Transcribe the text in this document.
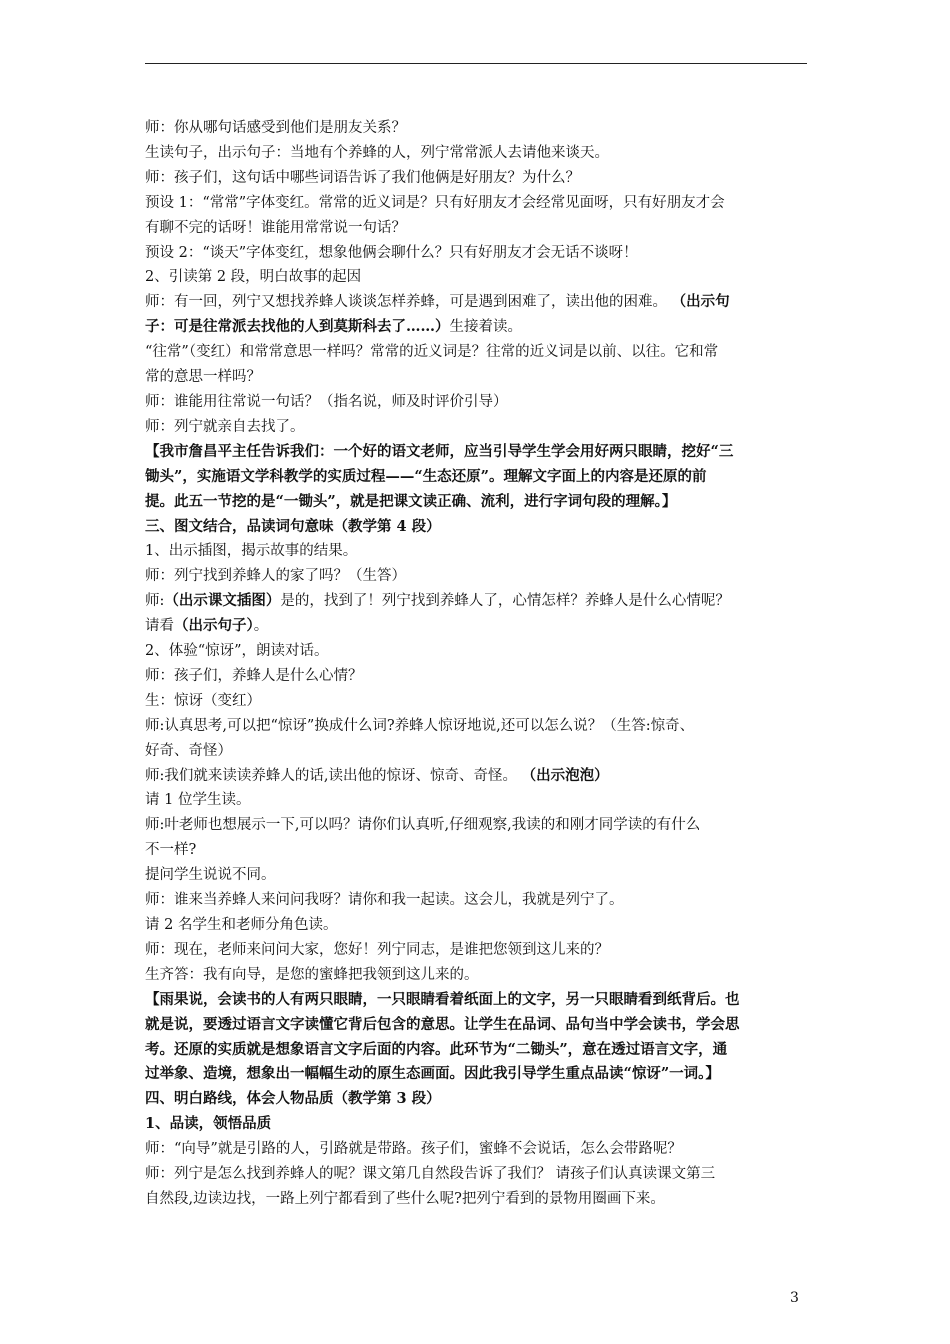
师：你从哪句话感受到他们是朋友关系？

生读句子，出示句子：当地有个养蜂的人，列宁常常派人去请他来谈天。

师：孩子们，这句话中哪些词语告诉了我们他俩是好朋友？为什么？

预设 1：“常常”字体变红。常常的近义词是？只有好朋友才会经常见面呀，只有好朋友才会

有聊不完的话呀！谁能用常常说一句话？

预设 2：“谈天”字体变红，想象他俩会聊什么？只有好朋友才会无话不谈呀！

2、引读第 2 段，明白故事的起因

师：有一回，列宁又想找养蜂人谈谈怎样养蜂，可是遇到困难了，读出他的困难。 （出示句

子：可是往常派去找他的人到莫斯科去了……）生接着读。

“往常”（变红）和常常意思一样吗？常常的近义词是？往常的近义词是以前、以往。它和常

常的意思一样吗？

师：谁能用往常说一句话？（指名说，师及时评价引导）

师：列宁就亲自去找了。

【我市詹昌平主任告诉我们：一个好的语文老师，应当引导学生学会用好两只眼睛，挖好“三

锄头”，实施语文学科教学的实质过程——“生态还原”。理解文字面上的内容是还原的前

提。此五一节挖的是“一锄头”，就是把课文读正确、流利，进行字词句段的理解。】

三、图文结合，品读词句意味（教学第 4 段）

1、出示插图，揭示故事的结果。

师：列宁找到养蜂人的家了吗？（生答）

师:（出示课文插图）是的，找到了！列宁找到养蜂人了，心情怎样？养蜂人是什么心情呢？

请看（出示句子）。

2、体验“惊讶”，朗读对话。

师：孩子们，养蜂人是什么心情？

生：惊讶（变红）

师:认真思考,可以把“惊讶”换成什么词?养蜂人惊讶地说,还可以怎么说？（生答:惊奇、

好奇、奇怪）

师:我们就来读读养蜂人的话,读出他的惊讶、惊奇、奇怪。 （出示泡泡）

请 1 位学生读。

师:叶老师也想展示一下,可以吗？请你们认真听,仔细观察,我读的和刚才同学读的有什么

不一样?

提问学生说说不同。

师：谁来当养蜂人来问问我呀？请你和我一起读。这会儿，我就是列宁了。

请 2 名学生和老师分角色读。

师：现在，老师来问问大家，您好！列宁同志，是谁把您领到这儿来的？

生齐答：我有向导，是您的蜜蜂把我领到这儿来的。

【雨果说，会读书的人有两只眼睛，一只眼睛看着纸面上的文字，另一只眼睛看到纸背后。也

就是说，要透过语言文字读懂它背后包含的意思。让学生在品词、品句当中学会读书，学会思

考。还原的实质就是想象语言文字后面的内容。此环节为“二锄头”，意在透过语言文字，通

过举象、造境，想象出一幅幅生动的原生态画面。因此我引导学生重点品读“惊讶”一词。】

四、明白路线，体会人物品质（教学第 3 段）

1、品读，领悟品质

师：“向导”就是引路的人，引路就是带路。孩子们，蜜蜂不会说话，怎么会带路呢？

师：列宁是怎么找到养蜂人的呢？课文第几自然段告诉了我们？ 请孩子们认真读课文第三

自然段,边读边找，一路上列宁都看到了些什么呢?把列宁看到的景物用圈画下来。

3
